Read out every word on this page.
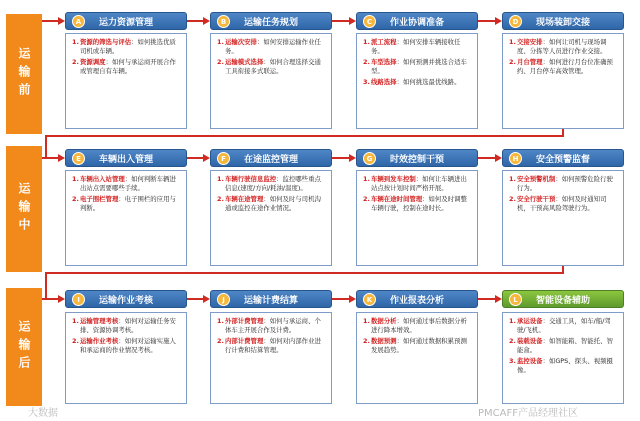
运输前
运输中
运输后
A	运力资源管理
1. 资源的筛选与评估：如何挑选优质司机或车辆。
2. 资源调度：如何与承运商开展合作或管理自有车辆。
B	运输任务规划
1. 运输次安排：如何安排运输作业任务。
2. 运输模式选择：如何合理选择交通工具衔接多式联运。
C	作业协调准备
1. 派工流程：如何安排车辆接收任务。
2. 车型选择：如何预测并挑选合适车型。
3. 线路选择：如何挑选最优线路。
D	现场装卸交接
1. 交接安排：如何让司机与现场调度、分拣等人员进行作业交接。
2. 月台管理：如何进行月台位准确预约、月台停车高效管理。
E	车辆出入管理
1. 车辆出入站管理：如何判断车辆进出站点需要哪些手续。
2. 电子围栏管理：电子围栏的应用与判断。
F	在途监控管理
1. 车辆行驶信息监控：监控哪些重点信息(速度/方向/耗油/温度)。
2. 车辆在途管理：如何及时与司机沟通或监控在途作业情况。
G	时效控制干预
1. 车辆到发车控制：如何让车辆进出站点按计划时间严格开展。
2. 车辆在途时间管理：如何及时调整车辆行驶，控制在途时长。
H	安全预警监督
1. 安全预警机制：如何预警危险行驶行为。
2. 安全行驶干预：如何及时通知司机，干预高风险驾驶行为。
I	运输作业考核
1. 运输管理考核：如何对运输任务安排、资源协调考核。
2. 运输作业考核：如何对运输实施人和承运商的作业情况考核。
J	运输计费结算
1. 外部计费管理：如何与承运商、个体车主开展合作及计费。
2. 内部计费管理：如何对内部作业进行计费和结算管理。
K	作业报表分析
1. 数据分析：如何通过事后数据分析进行降本增效。
2. 数据预测：如何通过数据积累预测发展趋势。
L	智能设备辅助
1. 承运设备：交通工具，如车/船/驾驶/飞机。
2. 装载设备：如智能箱、智能托、智能盒。
3. 监控设备：如GPS、探头、视频摄像。
大数据	PMCAFF产品经理社区
